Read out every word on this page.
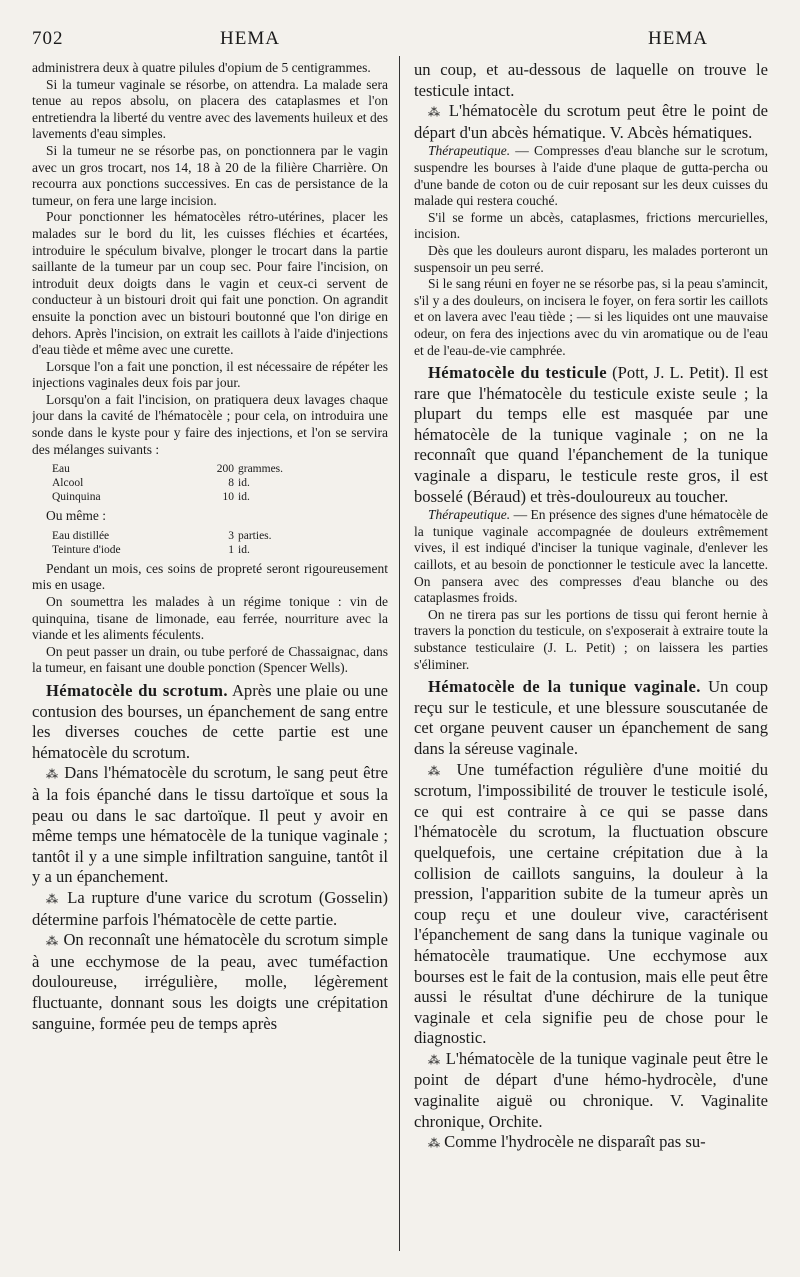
702	HEMA	HEMA

administrera deux à quatre pilules d'opium de 5 centigrammes.

Si la tumeur vaginale se résorbe, on attendra. La malade sera tenue au repos absolu, on placera des cataplasmes et l'on entretiendra la liberté du ventre avec des lavements huileux et des lavements d'eau simples.

Si la tumeur ne se résorbe pas, on ponctionnera par le vagin avec un gros trocart, nos 14, 18 à 20 de la filière Charrière. On recourra aux ponctions successives. En cas de persistance de la tumeur, on fera une large incision.

Pour ponctionner les hématocèles rétro-utérines, placer les malades sur le bord du lit, les cuisses fléchies et écartées, introduire le spéculum bivalve, plonger le trocart dans la partie saillante de la tumeur par un coup sec. Pour faire l'incision, on introduit deux doigts dans le vagin et ceux-ci servent de conducteur à un bistouri droit qui fait une ponction. On agrandit ensuite la ponction avec un bistouri boutonné que l'on dirige en dehors. Après l'incision, on extrait les caillots à l'aide d'injections d'eau tiède et même avec une curette.

Lorsque l'on a fait une ponction, il est nécessaire de répéter les injections vaginales deux fois par jour.

Lorsqu'on a fait l'incision, on pratiquera deux lavages chaque jour dans la cavité de l'hématocèle ; pour cela, on introduira une sonde dans le kyste pour y faire des injections, et l'on se servira des mélanges suivants :

Eau	200	grammes.
Alcool	8	id.
Quinquina	10	id.

Ou même :

Eau distillée	3	parties.
Teinture d'iode	1	id.

Pendant un mois, ces soins de propreté seront rigoureusement mis en usage.

On soumettra les malades à un régime tonique : vin de quinquina, tisane de limonade, eau ferrée, nourriture avec la viande et les aliments féculents.

On peut passer un drain, ou tube perforé de Chassaignac, dans la tumeur, en faisant une double ponction (Spencer Wells).

Hématocèle du scrotum. Après une plaie ou une contusion des bourses, un épanchement de sang entre les diverses couches de cette partie est une hématocèle du scrotum.

⁂ Dans l'hématocèle du scrotum, le sang peut être à la fois épanché dans le tissu dartoïque et sous la peau ou dans le sac dartoïque. Il peut y avoir en même temps une hématocèle de la tunique vaginale ; tantôt il y a une simple infiltration sanguine, tantôt il y a un épanchement.

⁂ La rupture d'une varice du scrotum (Gosselin) détermine parfois l'hématocèle de cette partie.

⁂ On reconnaît une hématocèle du scrotum simple à une ecchymose de la peau, avec tuméfaction douloureuse, irrégulière, molle, légèrement fluctuante, donnant sous les doigts une crépitation sanguine, formée peu de temps après

un coup, et au-dessous de laquelle on trouve le testicule intact.

⁂ L'hématocèle du scrotum peut être le point de départ d'un abcès hématique. V. Abcès hématiques.

Thérapeutique. — Compresses d'eau blanche sur le scrotum, suspendre les bourses à l'aide d'une plaque de gutta-percha ou d'une bande de coton ou de cuir reposant sur les deux cuisses du malade qui restera couché.

S'il se forme un abcès, cataplasmes, frictions mercurielles, incision.

Dès que les douleurs auront disparu, les malades porteront un suspensoir un peu serré.

Si le sang réuni en foyer ne se résorbe pas, si la peau s'amincit, s'il y a des douleurs, on incisera le foyer, on fera sortir les caillots et on lavera avec l'eau tiède ; — si les liquides ont une mauvaise odeur, on fera des injections avec du vin aromatique ou de l'eau et de l'eau-de-vie camphrée.

Hématocèle du testicule (Pott, J. L. Petit). Il est rare que l'hématocèle du testicule existe seule ; la plupart du temps elle est masquée par une hématocèle de la tunique vaginale ; on ne la reconnaît que quand l'épanchement de la tunique vaginale a disparu, le testicule reste gros, il est bosselé (Béraud) et très-douloureux au toucher.

Thérapeutique. — En présence des signes d'une hématocèle de la tunique vaginale accompagnée de douleurs extrêmement vives, il est indiqué d'inciser la tunique vaginale, d'enlever les caillots, et au besoin de ponctionner le testicule avec la lancette. On pansera avec des compresses d'eau blanche ou des cataplasmes froids.

On ne tirera pas sur les portions de tissu qui feront hernie à travers la ponction du testicule, on s'exposerait à extraire toute la substance testiculaire (J. L. Petit) ; on laissera les parties s'éliminer.

Hématocèle de la tunique vaginale. Un coup reçu sur le testicule, et une blessure souscutanée de cet organe peuvent causer un épanchement de sang dans la séreuse vaginale.

⁂ Une tuméfaction régulière d'une moitié du scrotum, l'impossibilité de trouver le testicule isolé, ce qui est contraire à ce qui se passe dans l'hématocèle du scrotum, la fluctuation obscure quelquefois, une certaine crépitation due à la collision de caillots sanguins, la douleur à la pression, l'apparition subite de la tumeur après un coup reçu et une douleur vive, caractérisent l'épanchement de sang dans la tunique vaginale ou hématocèle traumatique. Une ecchymose aux bourses est le fait de la contusion, mais elle peut être aussi le résultat d'une déchirure de la tunique vaginale et cela signifie peu de chose pour le diagnostic.

⁂ L'hématocèle de la tunique vaginale peut être le point de départ d'une hémo-hydrocèle, d'une vaginalite aiguë ou chronique. V. Vaginalite chronique, Orchite.

⁂ Comme l'hydrocèle ne disparaît pas su-
